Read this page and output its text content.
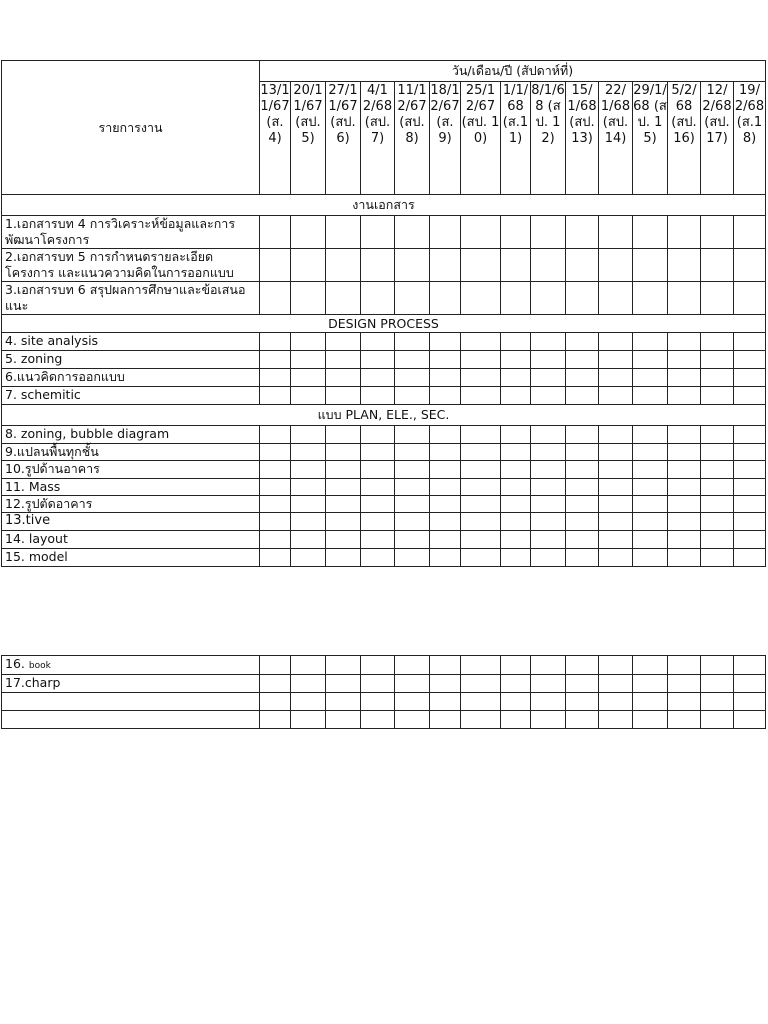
รายการงาน	วัน/เดือน/ปี (สัปดาห์ที่)														
	13/11/67 (ส.4)	20/11/67 (สป. 5)	27/11/67 (สป. 6)	4/12/68 (สป. 7)	11/12/67 (สป. 8)	18/12/67 (ส.9)	25/12/67 (สป. 10)	1/1/68 (ส.11)	8/1/68 (สป. 12)	15/1/68 (สป. 13)	22/1/68 (สป. 14)	29/1/68 (สป. 15)	5/2/68 (สป. 16)	12/2/68 (สป. 17)	19/2/68 (ส.18)
งานเอกสาร															
1.เอกสารบท 4 การวิเคราะห์ข้อมูลและการพัฒนาโครงการ															
2.เอกสารบท 5 การกำหนดรายละเอียดโครงการ และแนวความคิดในการออกแบบ															
3.เอกสารบท 6 สรุปผลการศึกษาและข้อเสนอแนะ															
DESIGN PROCESS															
4. site analysis															
5. zoning															
6.แนวคิดการออกแบบ															
7. schemitic															
แบบ PLAN, ELE., SEC.															
8. zoning, bubble diagram															
9.แปลนพื้นทุกชั้น															
10.รูปด้านอาคาร															
11. Mass															
12.รูปตัดอาคาร															
13.tive															
14. layout															
15. model															
16. book															
17.charp															
